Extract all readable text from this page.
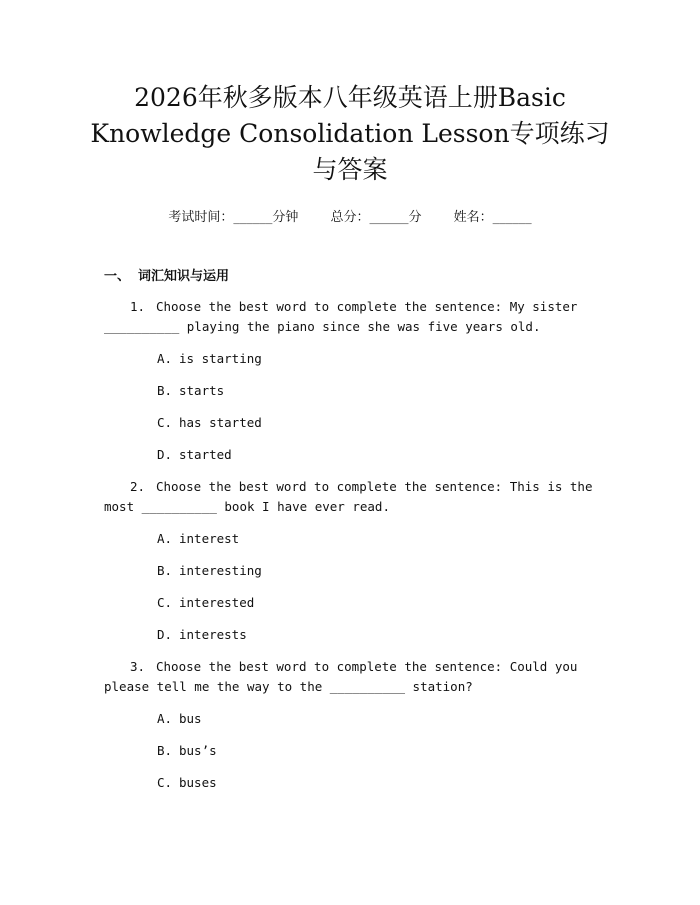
2026年秋多版本八年级英语上册Basic
Knowledge Consolidation Lesson专项练习
与答案
考试时间：______分钟 总分：______分 姓名：______
一、 词汇知识与运用
1. Choose the best word to complete the sentence: My sister __________ playing the piano since she was five years old.
A. is starting
B. starts
C. has started
D. started
2. Choose the best word to complete the sentence: This is the most __________ book I have ever read.
A. interest
B. interesting
C. interested
D. interests
3. Choose the best word to complete the sentence: Could you please tell me the way to the __________ station?
A. bus
B. bus’s
C. buses
